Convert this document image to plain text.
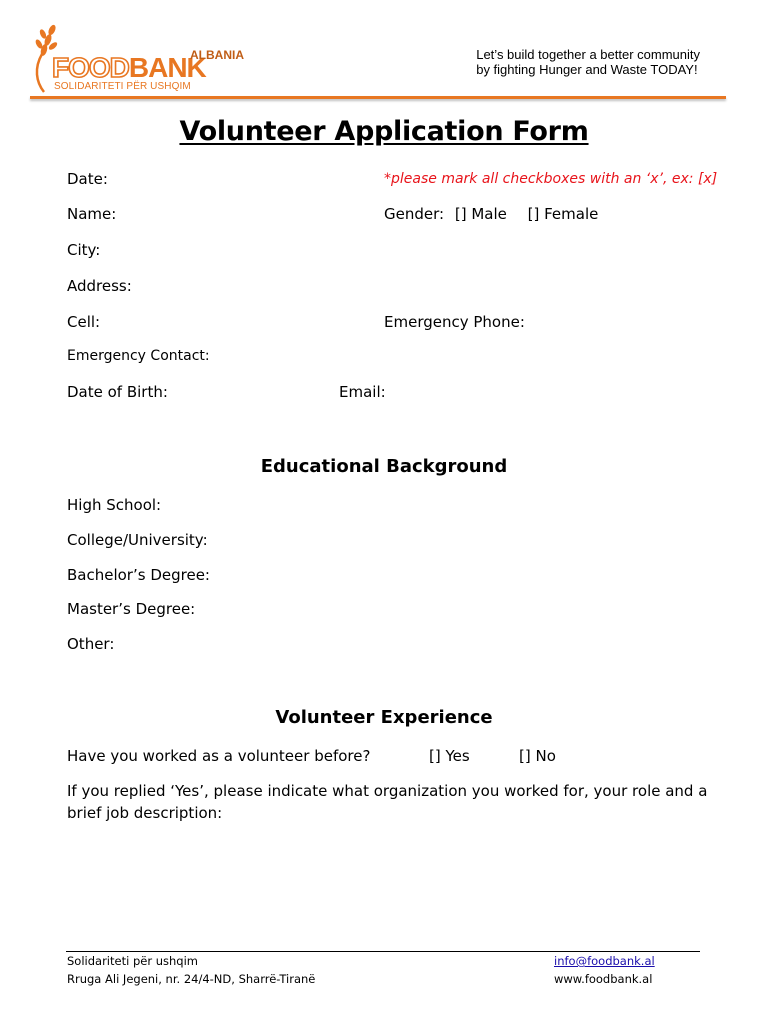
FOODBANK
ALBANIA
SOLIDARITETI PËR USHQIM
Let’s build together a better community
by fighting Hunger and Waste TODAY!
Volunteer Application Form
Date:	*please mark all checkboxes with an ‘x’, ex: [x]
Name:	Gender: [] Male [] Female
City:
Address:
Cell:	Emergency Phone:
Emergency Contact:
Date of Birth:	Email:
Educational Background
High School:
College/University:
Bachelor’s Degree:
Master’s Degree:
Other:
Volunteer Experience
Have you worked as a volunteer before?	[] Yes	[] No
If you replied ‘Yes’, please indicate what organization you worked for, your role and a
brief job description:
Solidariteti për ushqim
Rruga Ali Jegeni, nr. 24/4-ND, Sharrë-Tiranë
info@foodbank.al
www.foodbank.al
